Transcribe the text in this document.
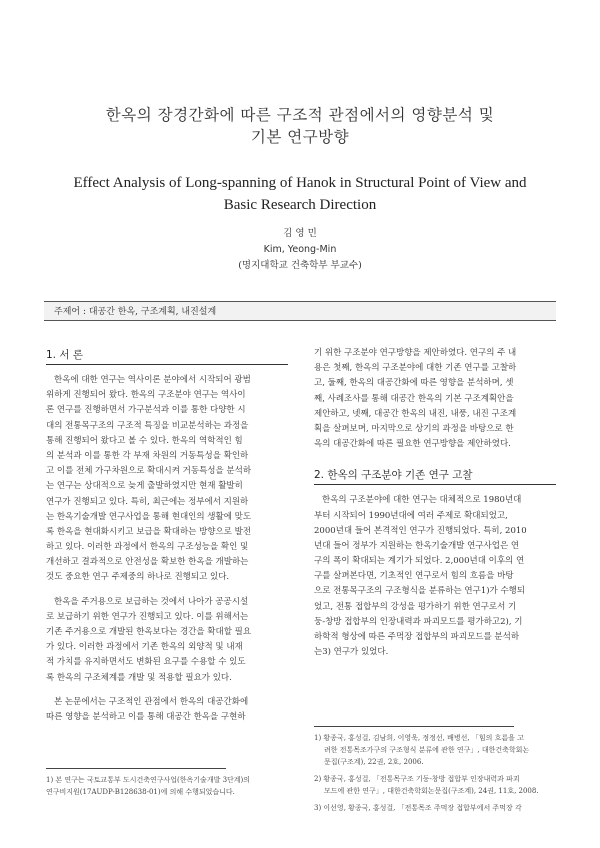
한옥의 장경간화에 따른 구조적 관점에서의 영향분석 및
기본 연구방향
Effect Analysis of Long-spanning of Hanok in Structural Point of View and
Basic Research Direction
김 영 민
Kim, Yeong-Min
(명지대학교 건축학부 부교수)
주제어 : 대공간 한옥, 구조계획, 내진설계
1. 서 론
한옥에 대한 연구는 역사이론 분야에서 시작되어 광범
위하게 진행되어 왔다. 한옥의 구조분야 연구는 역사이
론 연구를 진행하면서 가구분석과 이를 통한 다양한 시
대의 전통목구조의 구조적 특징을 비교분석하는 과정을
통해 진행되어 왔다고 볼 수 있다. 한옥의 역학적인 힘
의 분석과 이를 통한 각 부재 차원의 거동특성을 확인하
고 이를 전체 가구차원으로 확대시켜 거동특성을 분석하
는 연구는 상대적으로 늦게 출발하였지만 현재 활발히
연구가 진행되고 있다. 특히, 최근에는 정부에서 지원하
는 한옥기술개발 연구사업을 통해 현대인의 생활에 맞도
록 한옥을 현대화시키고 보급을 확대하는 방향으로 발전
하고 있다. 이러한 과정에서 한옥의 구조성능을 확인 및
개선하고 결과적으로 안전성을 확보한 한옥을 개발하는
것도 중요한 연구 주제중의 하나로 진행되고 있다.
한옥을 주거용으로 보급하는 것에서 나아가 공공시설
로 보급하기 위한 연구가 진행되고 있다. 이를 위해서는
기존 주거용으로 개발된 한옥보다는 경간을 확대할 필요
가 있다. 이러한 과정에서 기존 한옥의 외양적 및 내재
적 가치를 유지하면서도 변화된 요구를 수용할 수 있도
록 한옥의 구조체계를 개발 및 적용할 필요가 있다.
본 논문에서는 구조적인 관점에서 한옥의 대공간화에
따른 영향을 분석하고 이를 통해 대공간 한옥을 구현하
기 위한 구조분야 연구방향을 제안하였다. 연구의 주 내
용은 첫째, 한옥의 구조분야에 대한 기존 연구를 고찰하
고, 둘째, 한옥의 대공간화에 따른 영향을 분석하며, 셋
째, 사례조사를 통해 대공간 한옥의 기본 구조계획안을
제안하고, 넷째, 대공간 한옥의 내진, 내풍, 내진 구조계
획을 살펴보며, 마지막으로 상기의 과정을 바탕으로 한
옥의 대공간화에 따른 필요한 연구방향을 제안하였다.
2. 한옥의 구조분야 기존 연구 고찰
한옥의 구조분야에 대한 연구는 대체적으로 1980년대
부터 시작되어 1990년대에 여러 주제로 확대되었고,
2000년대 들어 본격적인 연구가 진행되었다. 특히, 2010
년대 들어 정부가 지원하는 한옥기술개발 연구사업은 연
구의 폭이 확대되는 계기가 되었다. 2,000년대 이후의 연
구를 살펴본다면, 기초적인 연구로서 힘의 흐름을 바탕
으로 전통목구조의 구조형식을 분류하는 연구1)가 수행되
었고, 전통 접합부의 강성을 평가하기 위한 연구로서 기
둥-창방 접합부의 인장내력과 파괴모드를 평가하고2), 기
하학적 형상에 따른 주먹장 접합부의 파괴모드를 분석하
는3) 연구가 있었다.
1) 본 연구는 국토교통부 도시건축연구사업(한옥기술개발 3단계)의
연구비지원(17AUDP-B128638-01)에 의해 수행되었습니다.
1) 황종국, 홍성걸, 김남희, 이영욱, 정정선, 배병선, 「힘의 흐름을 고
려한 전통목조가구의 구조형식 분류에 관한 연구」, 대한건축학회논
문집(구조계), 22권, 2호, 2006.
2) 황종국, 홍성걸, 「전통목구조 기둥-창방 접합부 인장내력과 파괴
모드에 관한 연구」, 대한건축학회논문집(구조계), 24권, 11호, 2008.
3) 이선영, 황종국, 홍성걸, 「전통목조 주먹장 접합부에서 주먹장 각
